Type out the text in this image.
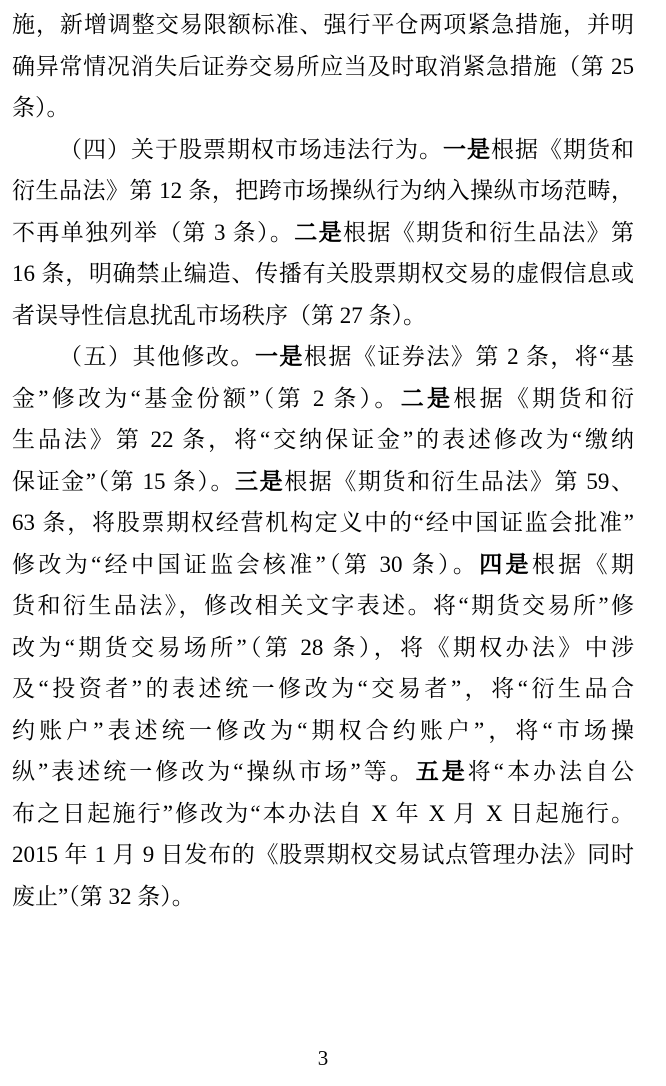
施，新增调整交易限额标准、强行平仓两项紧急措施，并明
确异常情况消失后证券交易所应当及时取消紧急措施（第 25
条）。
（四）关于股票期权市场违法行为。一是根据《期货和
衍生品法》第 12 条，把跨市场操纵行为纳入操纵市场范畴，
不再单独列举（第 3 条）。二是根据《期货和衍生品法》第
16 条，明确禁止编造、传播有关股票期权交易的虚假信息或
者误导性信息扰乱市场秩序（第 27 条）。
（五）其他修改。一是根据《证券法》第 2 条，将“基
金”修改为“基金份额”（第 2 条）。二是根据《期货和衍
生品法》第 22 条，将“交纳保证金”的表述修改为“缴纳
保证金”（第 15 条）。三是根据《期货和衍生品法》第 59、
63 条，将股票期权经营机构定义中的“经中国证监会批准”
修改为“经中国证监会核准”（第 30 条）。四是根据《期
货和衍生品法》，修改相关文字表述。将“期货交易所”修
改为“期货交易场所”（第 28 条），将《期权办法》中涉
及“投资者”的表述统一修改为“交易者”，将“衍生品合
约账户”表述统一修改为“期权合约账户”，将“市场操
纵”表述统一修改为“操纵市场”等。五是将“本办法自公
布之日起施行”修改为“本办法自 X 年 X 月 X 日起施行。
2015 年 1 月 9 日发布的《股票期权交易试点管理办法》同时
废止”（第 32 条）。
3
